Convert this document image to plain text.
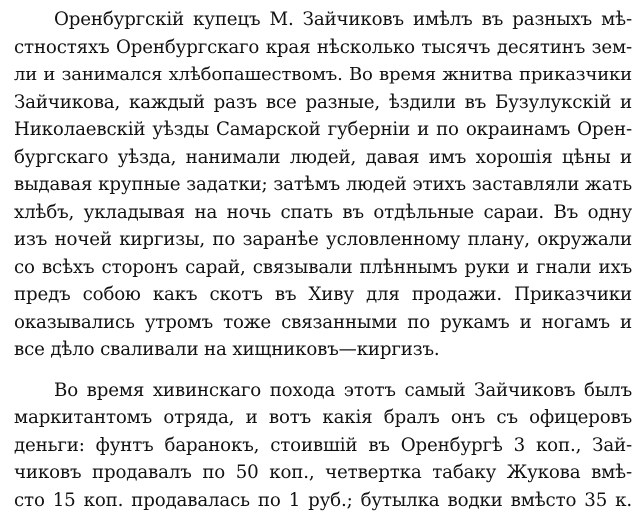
Оренбургскій купецъ М. Зайчиковъ имѣлъ въ разныхъ мѣ-
стностяхъ Оренбургскаго края нѣсколько тысячъ десятинъ зем-
ли и занимался хлѣбопашествомъ. Во время жнитва приказчики
Зайчикова, каждый разъ все разные, ѣздили въ Бузулукскій и
Николаевскій уѣзды Самарской губерніи и по окраинамъ Орен-
бургскаго уѣзда, нанимали людей, давая имъ хорошія цѣны и
выдавая крупные задатки; затѣмъ людей этихъ заставляли жать
хлѣбъ, укладывая на ночь спать въ отдѣльные сараи. Въ одну
изъ ночей киргизы, по заранѣе условленному плану, окружали
со всѣхъ сторонъ сарай, связывали плѣннымъ руки и гнали ихъ
предъ собою какъ скотъ въ Хиву для продажи. Приказчики
оказывались утромъ тоже связанными по рукамъ и ногамъ и
все дѣло сваливали на хищниковъ—киргизъ.
Во время хивинскаго похода этотъ самый Зайчиковъ былъ
маркитантомъ отряда, и вотъ какія бралъ онъ съ офицеровъ
деньги: фунтъ баранокъ, стоившій въ Оренбургѣ 3 коп., Зай-
чиковъ продавалъ по 50 коп., четвертка табаку Жукова вмѣ-
сто 15 коп. продавалась по 1 руб.; бутылка водки вмѣсто 35 к.
